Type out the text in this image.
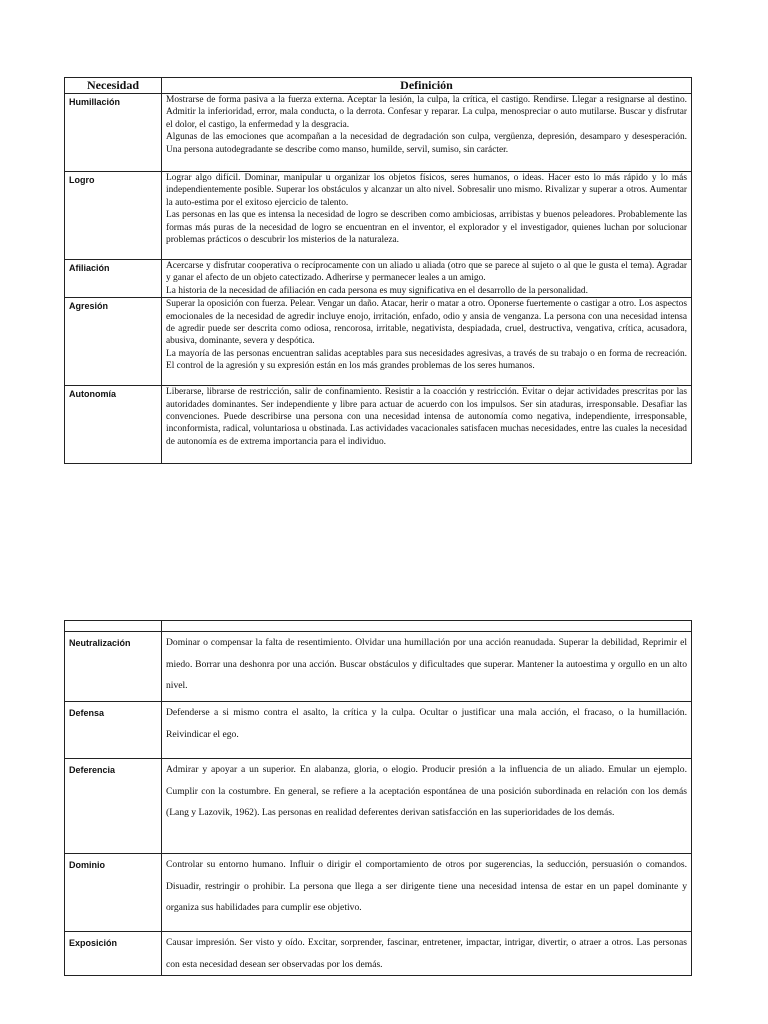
Necesidad	Definición
Humillación	Mostrarse de forma pasiva a la fuerza externa. Aceptar la lesión, la culpa, la crítica, el castigo. Rendirse. Llegar a resignarse al destino. Admitir la inferioridad, error, mala conducta, o la derrota. Confesar y reparar. La culpa, menospreciar o auto mutilarse. Buscar y disfrutar el dolor, el castigo, la enfermedad y la desgracia.

Algunas de las emociones que acompañan a la necesidad de degradación son culpa, vergüenza, depresión, desamparo y desesperación. Una persona autodegradante se describe como manso, humilde, servil, sumiso, sin carácter.

Logro	Lograr algo difícil. Dominar, manipular u organizar los objetos físicos, seres humanos, o ideas. Hacer esto lo más rápido y lo más independientemente posible. Superar los obstáculos y alcanzar un alto nivel. Sobresalir uno mismo. Rivalizar y superar a otros. Aumentar la auto-estima por el exitoso ejercicio de talento.

Las personas en las que es intensa la necesidad de logro se describen como ambiciosas, arribistas y buenos peleadores. Probablemente las formas más puras de la necesidad de logro se encuentran en el inventor, el explorador y el investigador, quienes luchan por solucionar problemas prácticos o descubrir los misterios de la naturaleza.

Afiliación	Acercarse y disfrutar cooperativa o recíprocamente con un aliado u aliada (otro que se parece al sujeto o al que le gusta el tema). Agradar y ganar el afecto de un objeto catectizado. Adherirse y permanecer leales a un amigo.

La historia de la necesidad de afiliación en cada persona es muy significativa en el desarrollo de la personalidad.

Agresión	Superar la oposición con fuerza. Pelear. Vengar un daño. Atacar, herir o matar a otro. Oponerse fuertemente o castigar a otro. Los aspectos emocionales de la necesidad de agredir incluye enojo, irritación, enfado, odio y ansia de venganza. La persona con una necesidad intensa de agredir puede ser descrita como odiosa, rencorosa, irritable, negativista, despiadada, cruel, destructiva, vengativa, crítica, acusadora, abusiva, dominante, severa y despótica.

La mayoría de las personas encuentran salidas aceptables para sus necesidades agresivas, a través de su trabajo o en forma de recreación. El control de la agresión y su expresión están en los más grandes problemas de los seres humanos.

Autonomía	Liberarse, librarse de restricción, salir de confinamiento. Resistir a la coacción y restricción. Evitar o dejar actividades prescritas por las autoridades dominantes. Ser independiente y libre para actuar de acuerdo con los impulsos. Ser sin ataduras, irresponsable. Desafiar las convenciones. Puede describirse una persona con una necesidad intensa de autonomía como negativa, independiente, irresponsable, inconformista, radical, voluntariosa u obstinada. Las actividades vacacionales satisfacen muchas necesidades, entre las cuales la necesidad de autonomía es de extrema importancia para el individuo.

Neutralización	Dominar o compensar la falta de resentimiento. Olvidar una humillación por una acción reanudada. Superar la debilidad, Reprimir el miedo. Borrar una deshonra por una acción. Buscar obstáculos y dificultades que superar. Mantener la autoestima y orgullo en un alto nivel.
Defensa	Defenderse a si mismo contra el asalto, la crítica y la culpa. Ocultar o justificar una mala acción, el fracaso, o la humillación. Reivindicar el ego.
Deferencia	Admirar y apoyar a un superior. En alabanza, gloria, o elogio. Producir presión a la influencia de un aliado. Emular un ejemplo. Cumplir con la costumbre. En general, se refiere a la aceptación espontánea de una posición subordinada en relación con los demás (Lang y Lazovik, 1962). Las personas en realidad deferentes derivan satisfacción en las superioridades de los demás.
Dominio	Controlar su entorno humano. Influir o dirigir el comportamiento de otros por sugerencias, la seducción, persuasión o comandos. Disuadir, restringir o prohibir. La persona que llega a ser dirigente tiene una necesidad intensa de estar en un papel dominante y organiza sus habilidades para cumplir ese objetivo.
Exposición	Causar impresión. Ser visto y oído. Excitar, sorprender, fascinar, entretener, impactar, intrigar, divertir, o atraer a otros. Las personas con esta necesidad desean ser observadas por los demás.
